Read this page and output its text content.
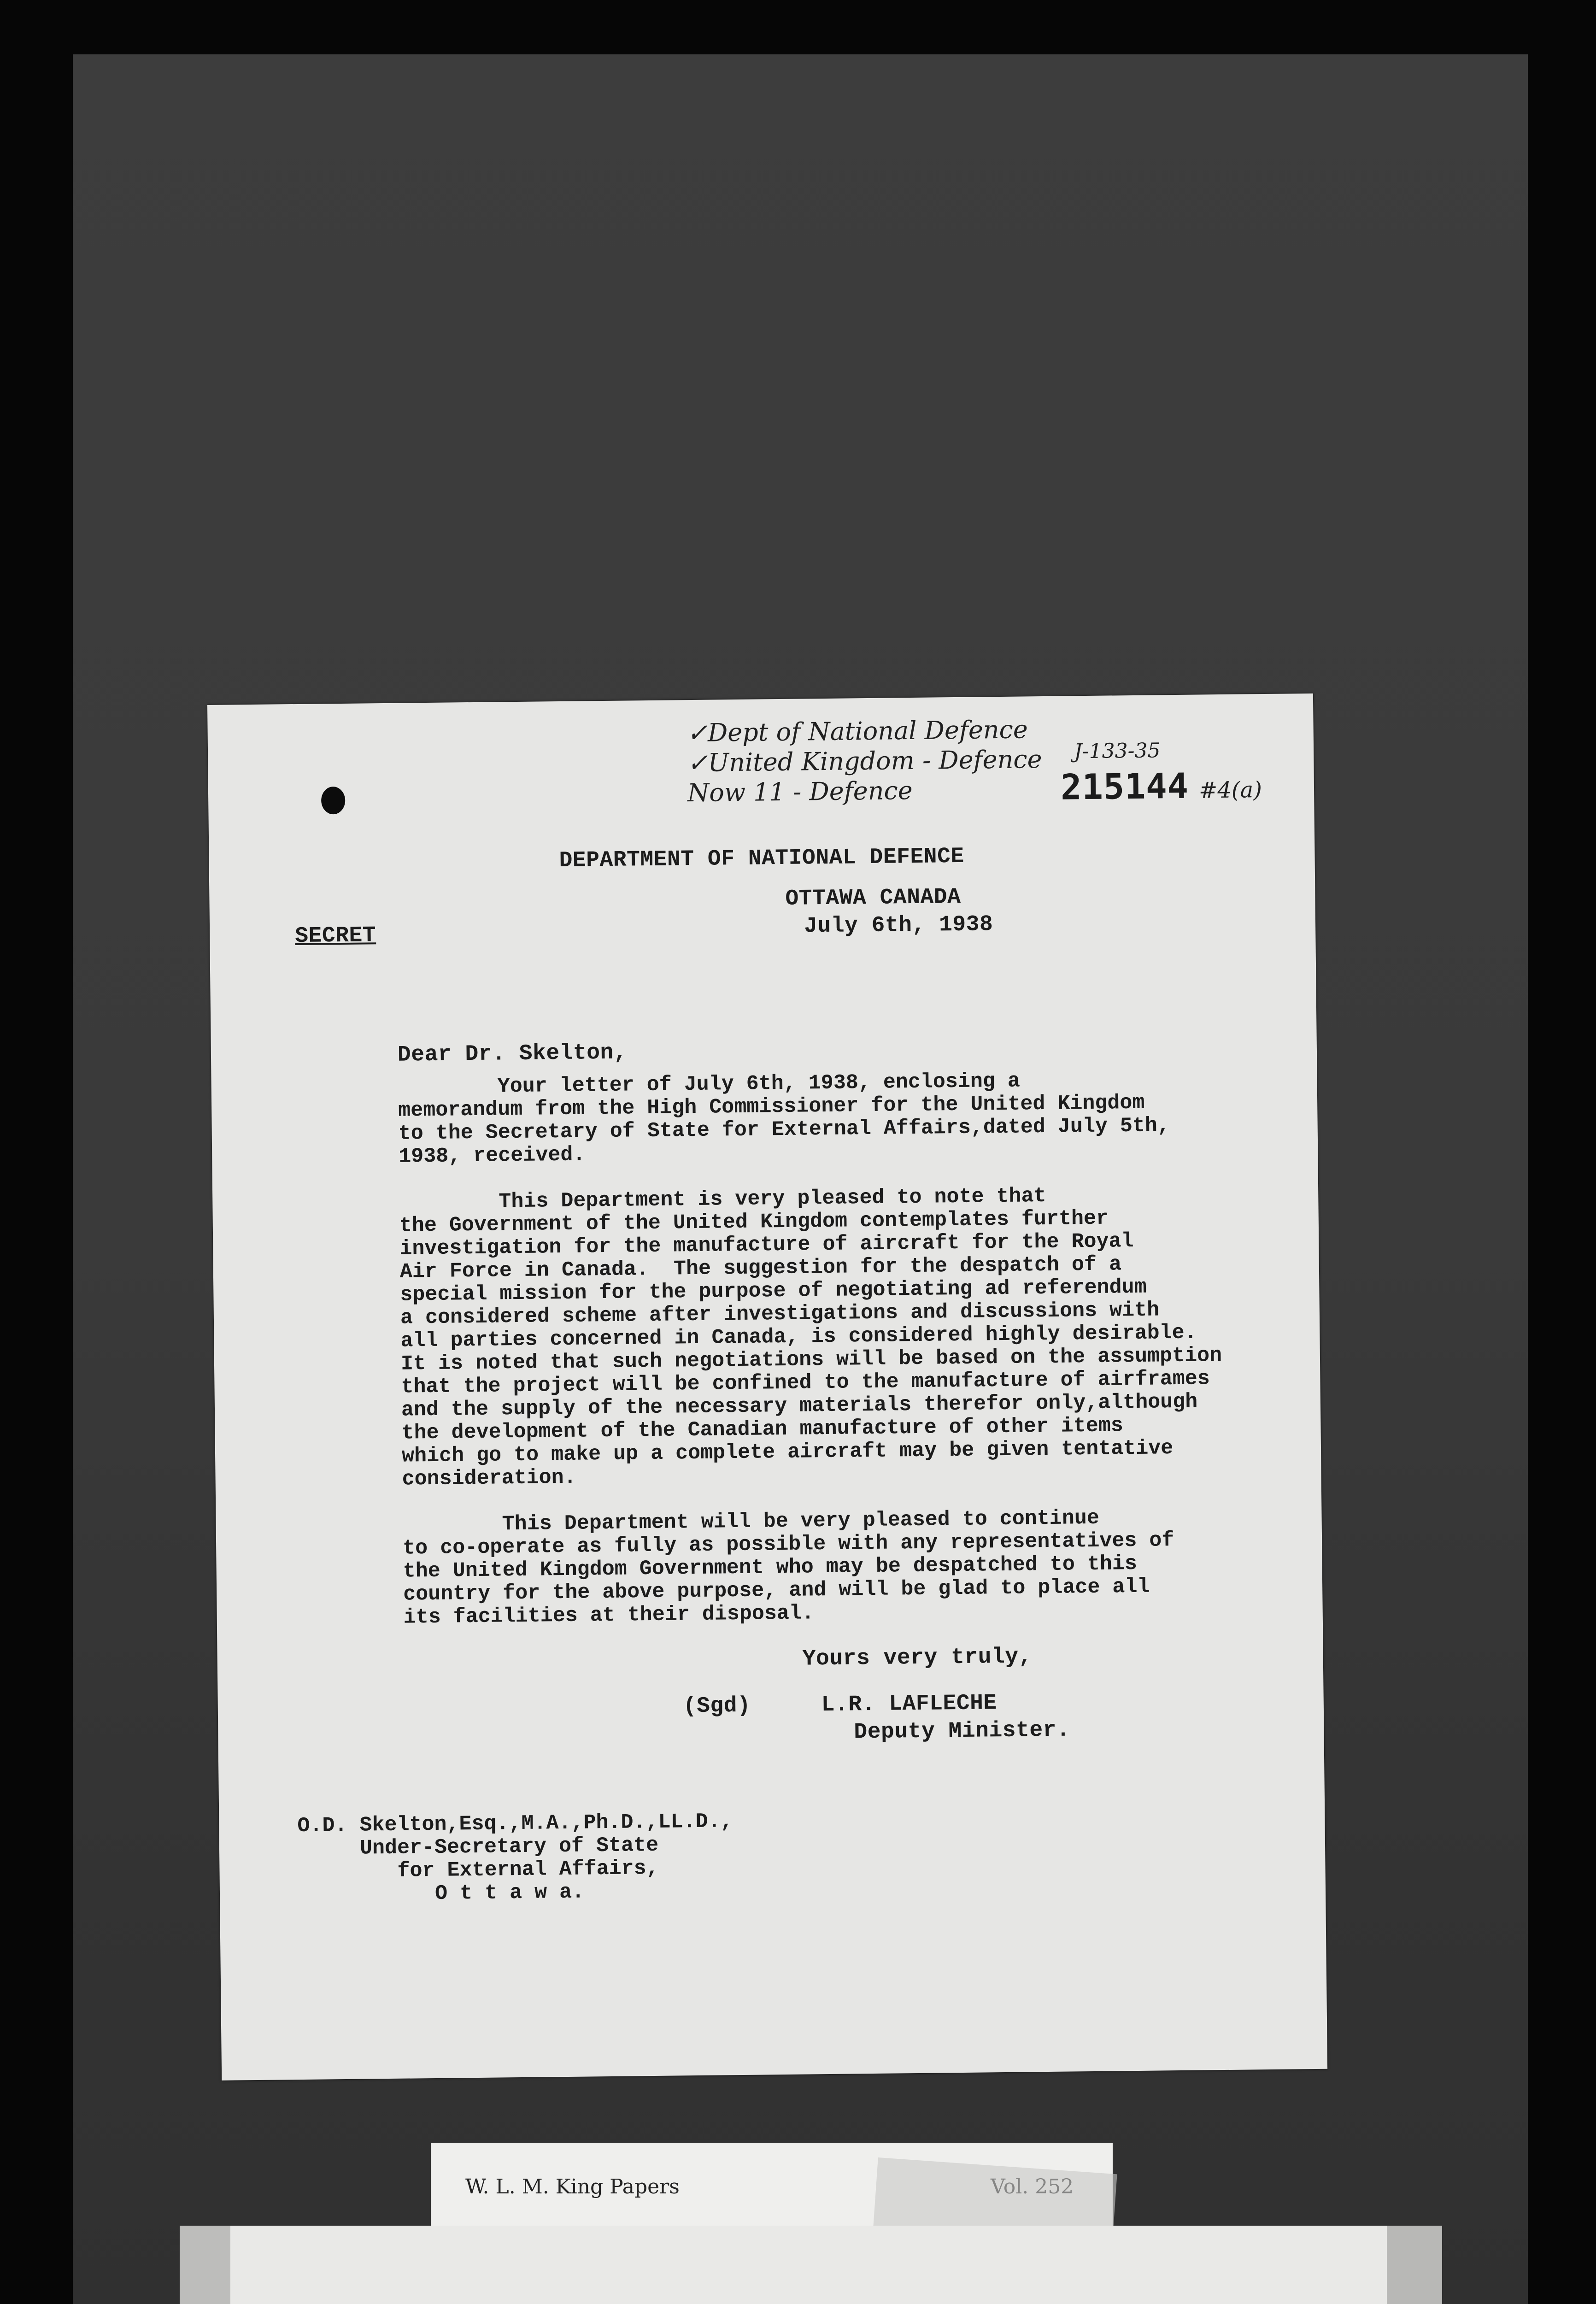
✓Dept of National Defence
✓United Kingdom - Defence
Now 11 - Defence
J-133-35
215144 #4(a)
DEPARTMENT OF NATIONAL DEFENCE
OTTAWA CANADA
July 6th, 1938
SECRET
Dear Dr. Skelton,
Your letter of July 6th, 1938, enclosing a
memorandum from the High Commissioner for the United Kingdom
to the Secretary of State for External Affairs,dated July 5th,
1938, received.
This Department is very pleased to note that
the Government of the United Kingdom contemplates further
investigation for the manufacture of aircraft for the Royal
Air Force in Canada.  The suggestion for the despatch of a
special mission for the purpose of negotiating ad referendum
a considered scheme after investigations and discussions with
all parties concerned in Canada, is considered highly desirable.
It is noted that such negotiations will be based on the assumption
that the project will be confined to the manufacture of airframes
and the supply of the necessary materials therefor only,although
the development of the Canadian manufacture of other items
which go to make up a complete aircraft may be given tentative
consideration.
This Department will be very pleased to continue
to co-operate as fully as possible with any representatives of
the United Kingdom Government who may be despatched to this
country for the above purpose, and will be glad to place all
its facilities at their disposal.
Yours very truly,
(Sgd)	L.R. LAFLECHE
Deputy Minister.
O.D. Skelton,Esq.,M.A.,Ph.D.,LL.D.,
Under-Secretary of State
for External Affairs,
O t t a w a.
W. L. M. King Papers
